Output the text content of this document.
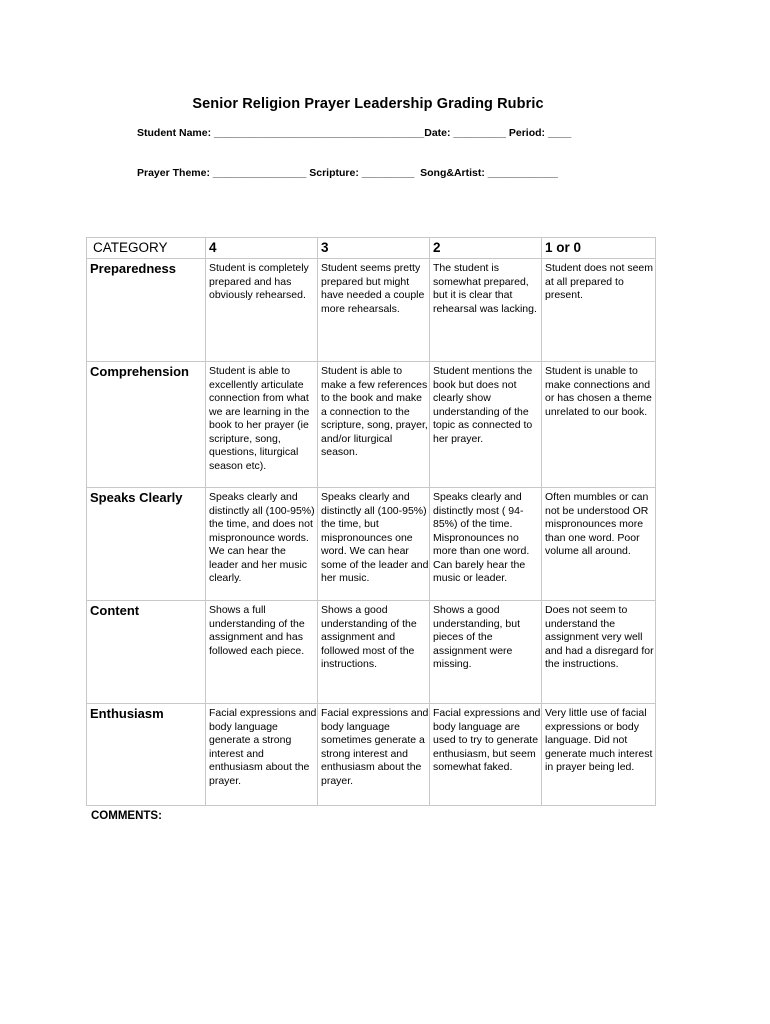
Senior Religion Prayer Leadership Grading Rubric
Student Name: ____________________________________Date: _________ Period: ____
Prayer Theme: ________________ Scripture: _________  Song&Artist: ____________
CATEGORY	4	3	2	1 or 0
Preparedness	Student is completely prepared and has obviously rehearsed.	Student seems pretty prepared but might have needed a couple more rehearsals.	The student is somewhat prepared, but it is clear that rehearsal was lacking.	Student does not seem at all prepared to present.

Comprehension	Student is able to excellently articulate connection from what we are learning in the book to her prayer (ie scripture, song, questions, liturgical season etc).	Student is able to make a few references to the book and make a connection to the scripture, song, prayer, and/or liturgical season.	Student mentions the book but does not clearly show understanding of the topic as connected to her prayer.	Student is unable to make connections and or has chosen a theme unrelated to our book.

Speaks Clearly	Speaks clearly and distinctly all (100-95%) the time, and does not mispronounce words. We can hear the leader and her music clearly.	Speaks clearly and distinctly all (100-95%) the time, but mispronounces one word. We can hear some of the leader and her music.	Speaks clearly and distinctly most ( 94-85%) of the time. Mispronounces no more than one word. Can barely hear the music or leader.	Often mumbles or can not be understood OR mispronounces more than one word. Poor volume all around.

Content	Shows a full understanding of the assignment and has followed each piece.	Shows a good understanding of the assignment and followed most of the instructions.	Shows a good understanding, but pieces of the assignment were missing.	Does not seem to understand the assignment very well and had a disregard for the instructions.

Enthusiasm	Facial expressions and body language generate a strong interest and enthusiasm about the prayer.	Facial expressions and body language sometimes generate a strong interest and enthusiasm about the prayer.	Facial expressions and body language are used to try to generate enthusiasm, but seem somewhat faked.	Very little use of facial expressions or body language. Did not generate much interest in prayer being led.
COMMENTS:
